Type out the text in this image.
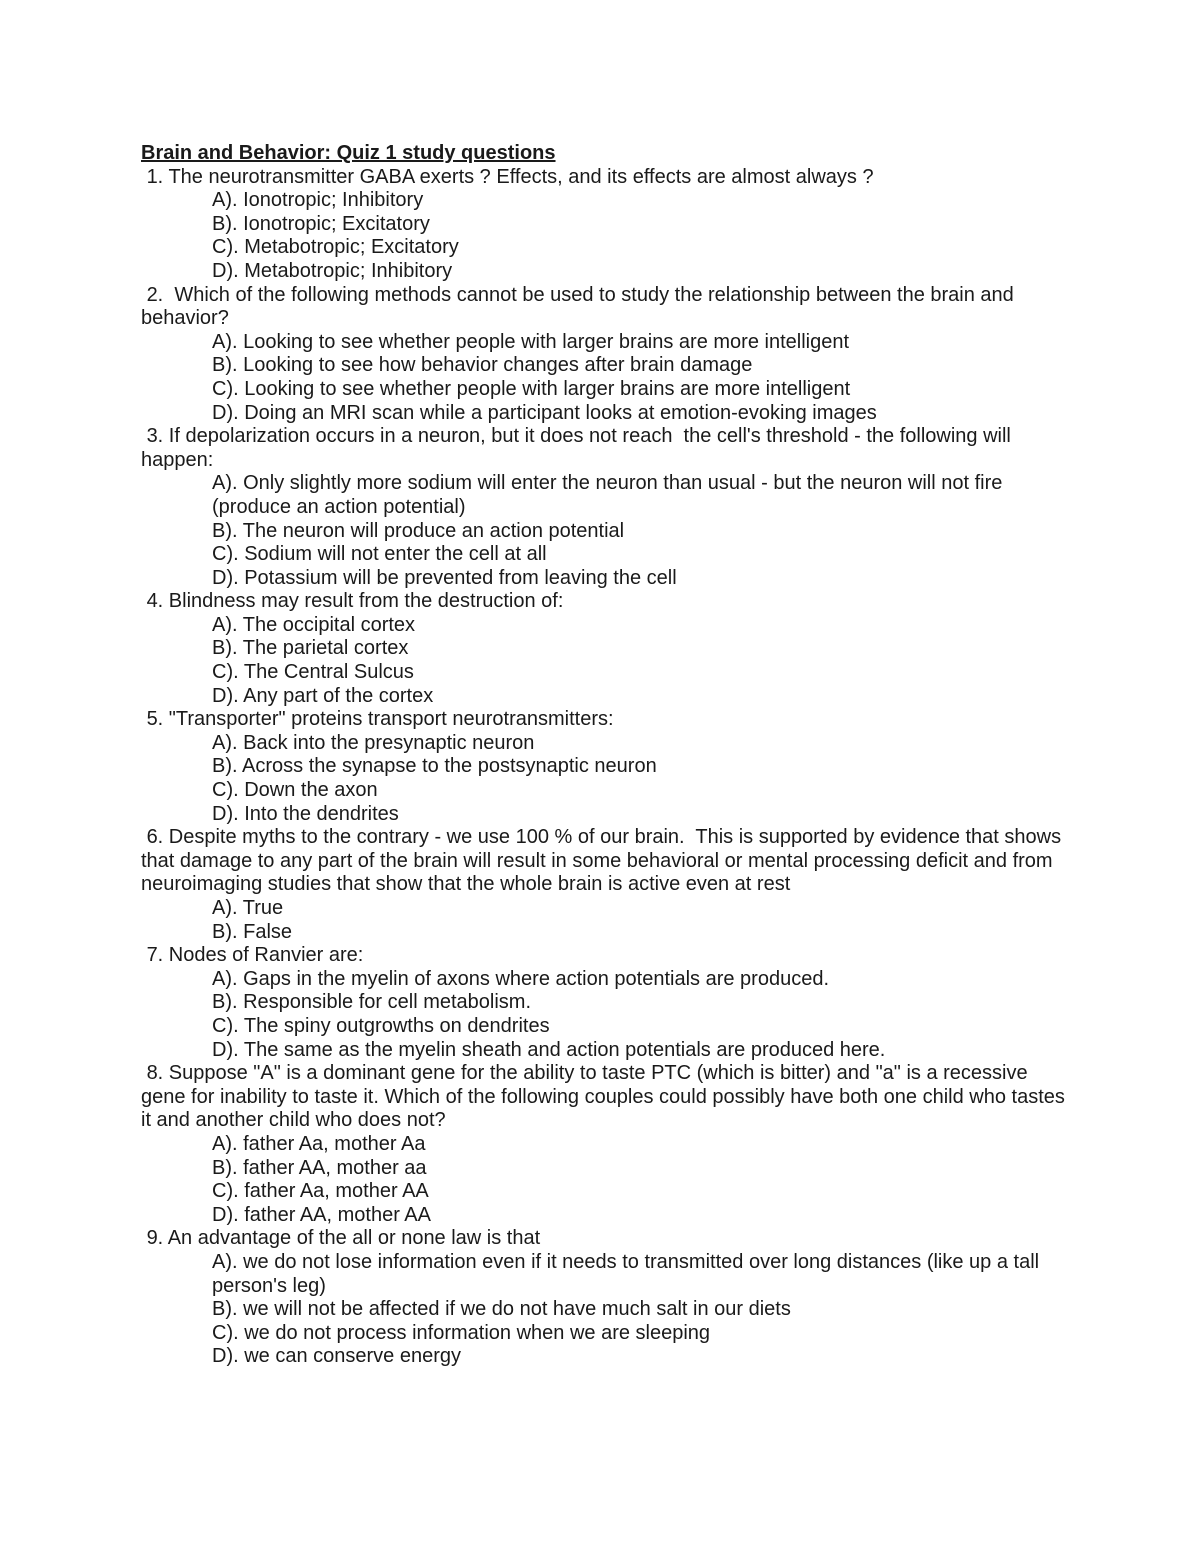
Brain and Behavior: Quiz 1 study questions

1. The neurotransmitter GABA exerts ? Effects, and its effects are almost always ?

A). Ionotropic; Inhibitory

B). Ionotropic; Excitatory

C). Metabotropic; Excitatory

D). Metabotropic; Inhibitory

2.  Which of the following methods cannot be used to study the relationship between the brain and behavior?

A). Looking to see whether people with larger brains are more intelligent

B). Looking to see how behavior changes after brain damage

C). Looking to see whether people with larger brains are more intelligent

D). Doing an MRI scan while a participant looks at emotion-evoking images

3. If depolarization occurs in a neuron, but it does not reach  the cell's threshold - the following will happen:

A). Only slightly more sodium will enter the neuron than usual - but the neuron will not fire (produce an action potential)

B). The neuron will produce an action potential

C). Sodium will not enter the cell at all

D). Potassium will be prevented from leaving the cell

4. Blindness may result from the destruction of:

A). The occipital cortex

B). The parietal cortex

C). The Central Sulcus

D). Any part of the cortex

5. "Transporter" proteins transport neurotransmitters:

A). Back into the presynaptic neuron

B). Across the synapse to the postsynaptic neuron

C). Down the axon

D). Into the dendrites

6. Despite myths to the contrary - we use 100 % of our brain.  This is supported by evidence that shows that damage to any part of the brain will result in some behavioral or mental processing deficit and from neuroimaging studies that show that the whole brain is active even at rest

A). True

B). False

7. Nodes of Ranvier are:

A). Gaps in the myelin of axons where action potentials are produced.

B). Responsible for cell metabolism.

C). The spiny outgrowths on dendrites

D). The same as the myelin sheath and action potentials are produced here.

8. Suppose "A" is a dominant gene for the ability to taste PTC (which is bitter) and "a" is a recessive gene for inability to taste it. Which of the following couples could possibly have both one child who tastes it and another child who does not?

A). father Aa, mother Aa

B). father AA, mother aa

C). father Aa, mother AA

D). father AA, mother AA

9. An advantage of the all or none law is that

A). we do not lose information even if it needs to transmitted over long distances (like up a tall person's leg)

B). we will not be affected if we do not have much salt in our diets

C). we do not process information when we are sleeping

D). we can conserve energy
